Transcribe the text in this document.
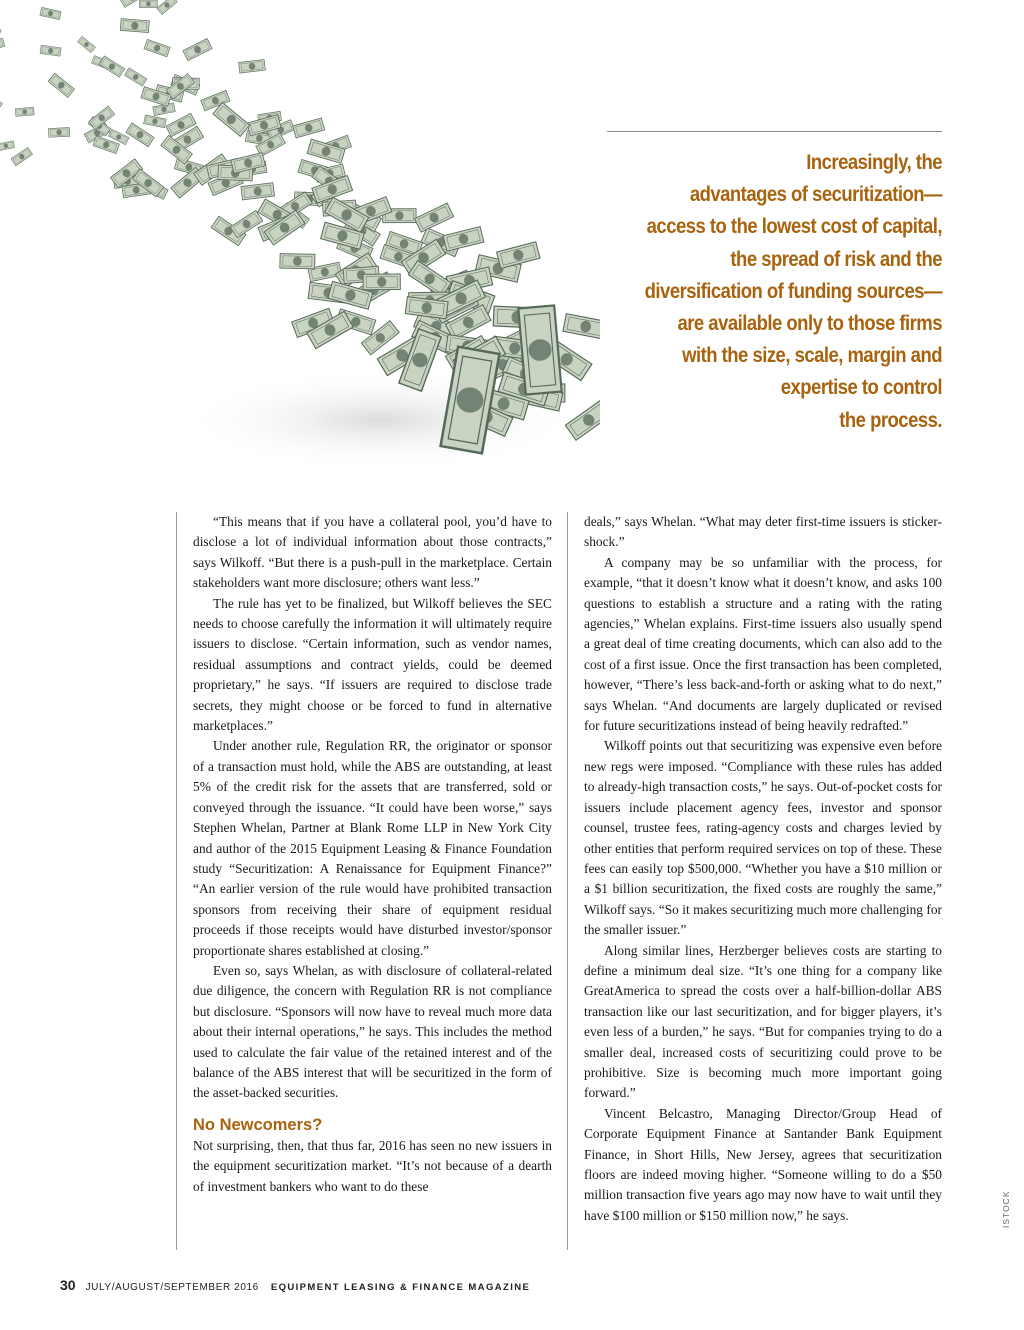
Increasingly, the
advantages of securitization—
access to the lowest cost of capital,
the spread of risk and the
diversification of funding sources—
are available only to those firms
with the size, scale, margin and
expertise to control
the process.

“This means that if you have a collateral pool, you’d have to disclose a lot of individual information about those contracts,” says Wilkoff. “But there is a push-pull in the marketplace. Certain stakeholders want more disclosure; others want less.”

The rule has yet to be finalized, but Wilkoff believes the SEC needs to choose carefully the information it will ultimately require issuers to disclose. “Certain information, such as vendor names, residual assumptions and contract yields, could be deemed proprietary,” he says. “If issuers are required to disclose trade secrets, they might choose or be forced to fund in alternative marketplaces.”

Under another rule, Regulation RR, the originator or sponsor of a transaction must hold, while the ABS are outstanding, at least 5% of the credit risk for the assets that are transferred, sold or conveyed through the issuance. “It could have been worse,” says Stephen Whelan, Partner at Blank Rome LLP in New York City and author of the 2015 Equipment Leasing & Finance Foundation study “Securitization: A Renaissance for Equipment Finance?” “An earlier version of the rule would have prohibited transaction sponsors from receiving their share of equipment residual proceeds if those receipts would have disturbed investor/sponsor proportionate shares established at closing.”

Even so, says Whelan, as with disclosure of collateral-related due diligence, the concern with Regulation RR is not compliance but disclosure. “Sponsors will now have to reveal much more data about their internal operations,” he says. This includes the method used to calculate the fair value of the retained interest and of the balance of the ABS interest that will be securitized in the form of the asset-backed securities.

No Newcomers?

Not surprising, then, that thus far, 2016 has seen no new issuers in the equipment securitization market. “It’s not because of a dearth of investment bankers who want to do these

deals,” says Whelan. “What may deter first-time issuers is sticker-shock.”

A company may be so unfamiliar with the process, for example, “that it doesn’t know what it doesn’t know, and asks 100 questions to establish a structure and a rating with the rating agencies,” Whelan explains. First-time issuers also usually spend a great deal of time creating documents, which can also add to the cost of a first issue. Once the first transaction has been completed, however, “There’s less back-and-forth or asking what to do next,” says Whelan. “And documents are largely duplicated or revised for future securitizations instead of being heavily redrafted.”

Wilkoff points out that securitizing was expensive even before new regs were imposed. “Compliance with these rules has added to already-high transaction costs,” he says. Out-of-pocket costs for issuers include placement agency fees, investor and sponsor counsel, trustee fees, rating-agency costs and charges levied by other entities that perform required services on top of these. These fees can easily top $500,000. “Whether you have a $10 million or a $1 billion securitization, the fixed costs are roughly the same,” Wilkoff says. “So it makes securitizing much more challenging for the smaller issuer.”

Along similar lines, Herzberger believes costs are starting to define a minimum deal size. “It’s one thing for a company like GreatAmerica to spread the costs over a half-billion-dollar ABS transaction like our last securitization, and for bigger players, it’s even less of a burden,” he says. “But for companies trying to do a smaller deal, increased costs of securitizing could prove to be prohibitive. Size is becoming much more important going forward.”

Vincent Belcastro, Managing Director/Group Head of Corporate Equipment Finance at Santander Bank Equipment Finance, in Short Hills, New Jersey, agrees that securitization floors are indeed moving higher. “Someone willing to do a $50 million transaction five years ago may now have to wait until they have $100 million or $150 million now,” he says.

30 JULY/AUGUST/SEPTEMBER 2016 EQUIPMENT LEASING & FINANCE MAGAZINE
ISTOCK
